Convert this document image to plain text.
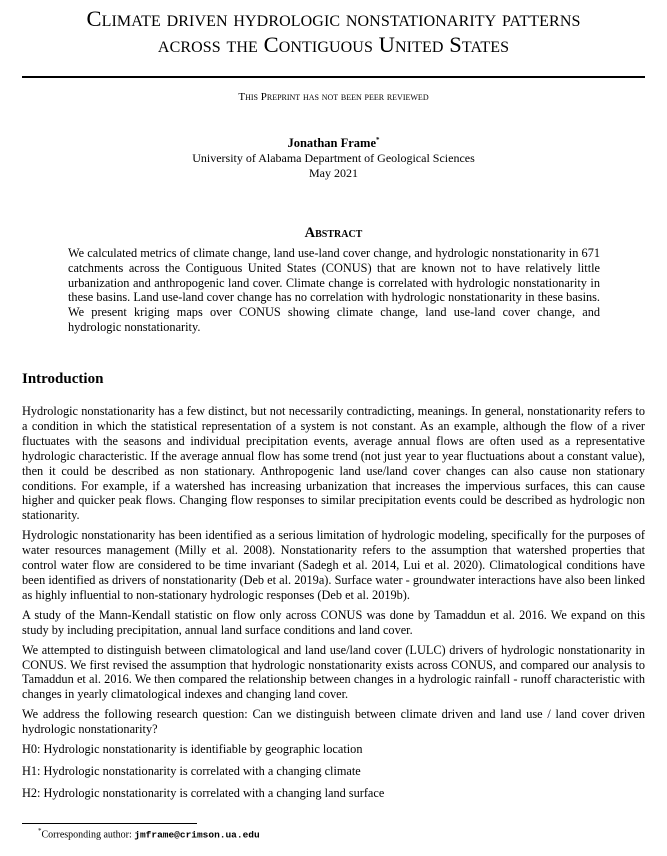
Climate driven hydrologic nonstationarity patterns
across the Contiguous United States
This Preprint has not been peer reviewed
Jonathan Frame*
University of Alabama Department of Geological Sciences
May 2021
Abstract
We calculated metrics of climate change, land use-land cover change, and hydrologic nonstationarity in 671 catchments across the Contiguous United States (CONUS) that are known not to have relatively little urbanization and anthropogenic land cover. Climate change is correlated with hydrologic nonstationarity in these basins. Land use-land cover change has no correlation with hydrologic nonstationarity in these basins. We present kriging maps over CONUS showing climate change, land use-land cover change, and hydrologic nonstationarity.
Introduction

Hydrologic nonstationarity has a few distinct, but not necessarily contradicting, meanings. In general, nonstationarity refers to a condition in which the statistical representation of a system is not constant. As an example, although the flow of a river fluctuates with the seasons and individual precipitation events, average annual flows are often used as a representative hydrologic characteristic. If the average annual flow has some trend (not just year to year fluctuations about a constant value), then it could be described as non stationary. Anthropogenic land use/land cover changes can also cause non stationary conditions. For example, if a watershed has increasing urbanization that increases the impervious surfaces, this can cause higher and quicker peak flows. Changing flow responses to similar precipitation events could be described as hydrologic non stationarity.

Hydrologic nonstationarity has been identified as a serious limitation of hydrologic modeling, specifically for the purposes of water resources management (Milly et al. 2008). Nonstationarity refers to the assumption that watershed properties that control water flow are considered to be time invariant (Sadegh et al. 2014, Lui et al. 2020). Climatological conditions have been identified as drivers of nonstationarity (Deb et al. 2019a). Surface water - groundwater interactions have also been linked as highly influential to non-stationary hydrologic responses (Deb et al. 2019b).

A study of the Mann-Kendall statistic on flow only across CONUS was done by Tamaddun et al. 2016. We expand on this study by including precipitation, annual land surface conditions and land cover.

We attempted to distinguish between climatological and land use/land cover (LULC) drivers of hydrologic nonstationarity in CONUS. We first revised the assumption that hydrologic nonstationarity exists across CONUS, and compared our analysis to Tamaddun et al. 2016. We then compared the relationship between changes in a hydrologic rainfall - runoff characteristic with changes in yearly climatological indexes and changing land cover.

We address the following research question: Can we distinguish between climate driven and land use / land cover driven hydrologic nonstationarity?

H0: Hydrologic nonstationarity is identifiable by geographic location
H1: Hydrologic nonstationarity is correlated with a changing climate
H2: Hydrologic nonstationarity is correlated with a changing land surface
*Corresponding author: jmframe@crimson.ua.edu
